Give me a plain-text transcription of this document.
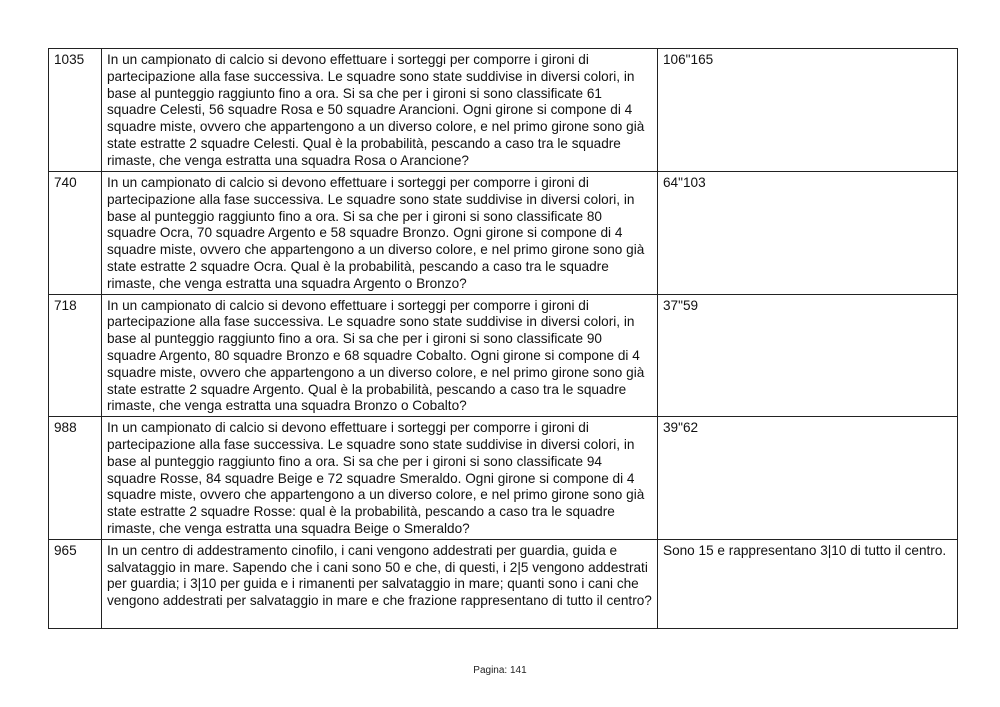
1035	In un campionato di calcio si devono effettuare i sorteggi per comporre i gironi di partecipazione alla fase successiva. Le squadre sono state suddivise in diversi colori, in base al punteggio raggiunto fino a ora. Si sa che per i gironi si sono classificate 61 squadre Celesti, 56 squadre Rosa e 50 squadre Arancioni. Ogni girone si compone di 4 squadre miste, ovvero che appartengono a un diverso colore, e nel primo girone sono già state estratte 2 squadre Celesti. Qual è la probabilità, pescando a caso tra le squadre rimaste, che venga estratta una squadra Rosa o Arancione?	106"165
740	In un campionato di calcio si devono effettuare i sorteggi per comporre i gironi di partecipazione alla fase successiva. Le squadre sono state suddivise in diversi colori, in base al punteggio raggiunto fino a ora. Si sa che per i gironi si sono classificate 80 squadre Ocra, 70 squadre Argento e 58 squadre Bronzo. Ogni girone si compone di 4 squadre miste, ovvero che appartengono a un diverso colore, e nel primo girone sono già state estratte 2 squadre Ocra. Qual è la probabilità, pescando a caso tra le squadre rimaste, che venga estratta una squadra Argento o Bronzo?	64"103
718	In un campionato di calcio si devono effettuare i sorteggi per comporre i gironi di partecipazione alla fase successiva. Le squadre sono state suddivise in diversi colori, in base al punteggio raggiunto fino a ora. Si sa che per i gironi si sono classificate 90 squadre Argento, 80 squadre Bronzo e 68 squadre Cobalto. Ogni girone si compone di 4 squadre miste, ovvero che appartengono a un diverso colore, e nel primo girone sono già state estratte 2 squadre Argento. Qual è la probabilità, pescando a caso tra le squadre rimaste, che venga estratta una squadra Bronzo o Cobalto?	37"59
988	In un campionato di calcio si devono effettuare i sorteggi per comporre i gironi di partecipazione alla fase successiva. Le squadre sono state suddivise in diversi colori, in base al punteggio raggiunto fino a ora. Si sa che per i gironi si sono classificate 94 squadre Rosse, 84 squadre Beige e 72 squadre Smeraldo. Ogni girone si compone di 4 squadre miste, ovvero che appartengono a un diverso colore, e nel primo girone sono già state estratte 2 squadre Rosse: qual è la probabilità, pescando a caso tra le squadre rimaste, che venga estratta una squadra Beige o Smeraldo?	39"62
965	In un centro di addestramento cinofilo, i cani vengono addestrati per guardia, guida e salvataggio in mare. Sapendo che i cani sono 50 e che, di questi, i 2|5 vengono addestrati per guardia; i 3|10 per guida e i rimanenti per salvataggio in mare; quanti sono i cani che vengono addestrati per salvataggio in mare e che frazione rappresentano di tutto il centro?	Sono 15 e rappresentano 3|10 di tutto il centro.
Pagina: 141
